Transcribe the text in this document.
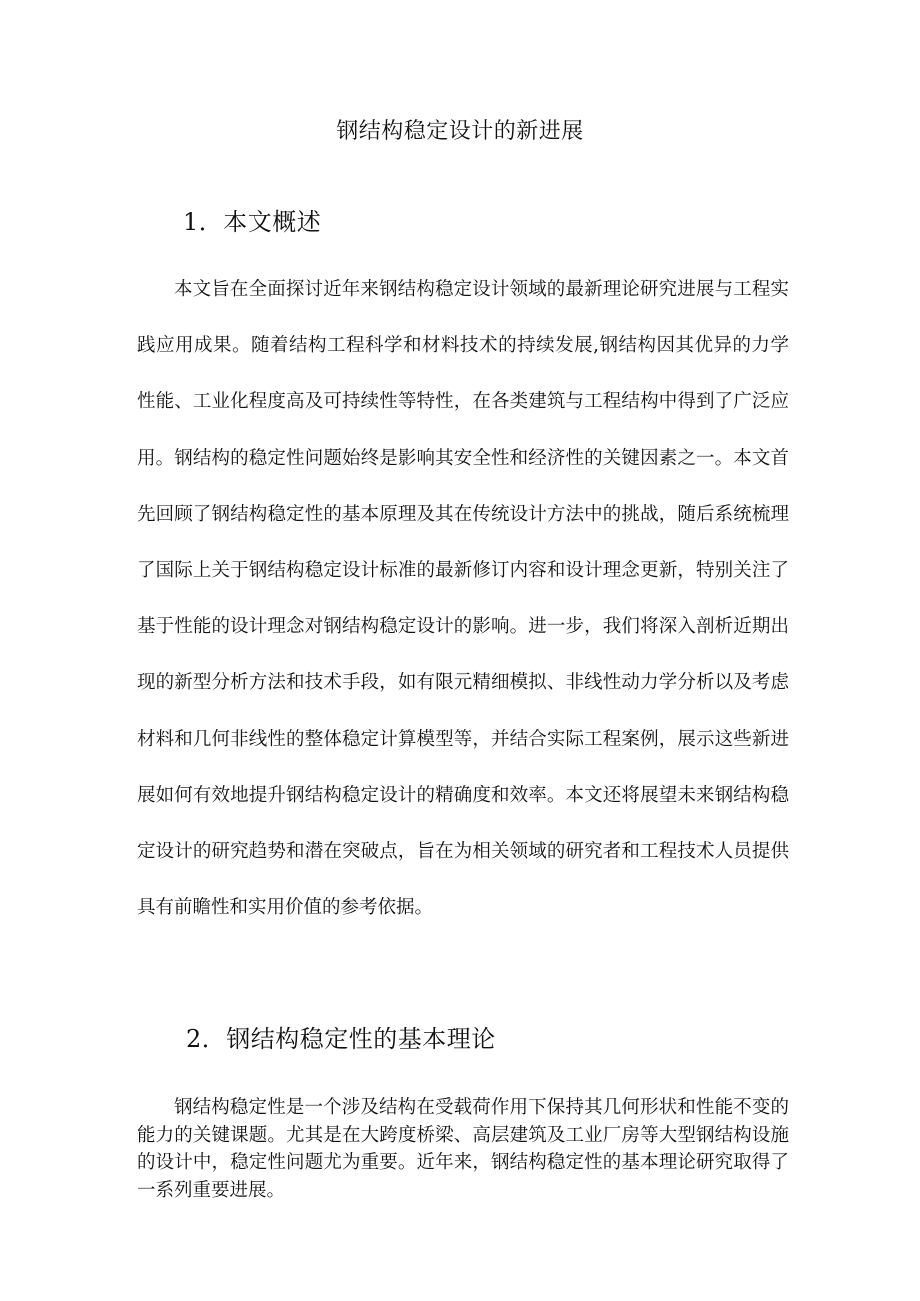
钢结构稳定设计的新进展
1．本文概述

本文旨在全面探讨近年来钢结构稳定设计领域的最新理论研究进展与工程实践应用成果。随着结构工程科学和材料技术的持续发展,钢结构因其优异的力学性能、工业化程度高及可持续性等特性，在各类建筑与工程结构中得到了广泛应用。钢结构的稳定性问题始终是影响其安全性和经济性的关键因素之一。本文首先回顾了钢结构稳定性的基本原理及其在传统设计方法中的挑战，随后系统梳理了国际上关于钢结构稳定设计标准的最新修订内容和设计理念更新，特别关注了基于性能的设计理念对钢结构稳定设计的影响。进一步，我们将深入剖析近期出现的新型分析方法和技术手段，如有限元精细模拟、非线性动力学分析以及考虑材料和几何非线性的整体稳定计算模型等，并结合实际工程案例，展示这些新进展如何有效地提升钢结构稳定设计的精确度和效率。本文还将展望未来钢结构稳定设计的研究趋势和潜在突破点，旨在为相关领域的研究者和工程技术人员提供具有前瞻性和实用价值的参考依据。

2．钢结构稳定性的基本理论

钢结构稳定性是一个涉及结构在受载荷作用下保持其几何形状和性能不变的能力的关键课题。尤其是在大跨度桥梁、高层建筑及工业厂房等大型钢结构设施的设计中，稳定性问题尤为重要。近年来，钢结构稳定性的基本理论研究取得了一系列重要进展。
